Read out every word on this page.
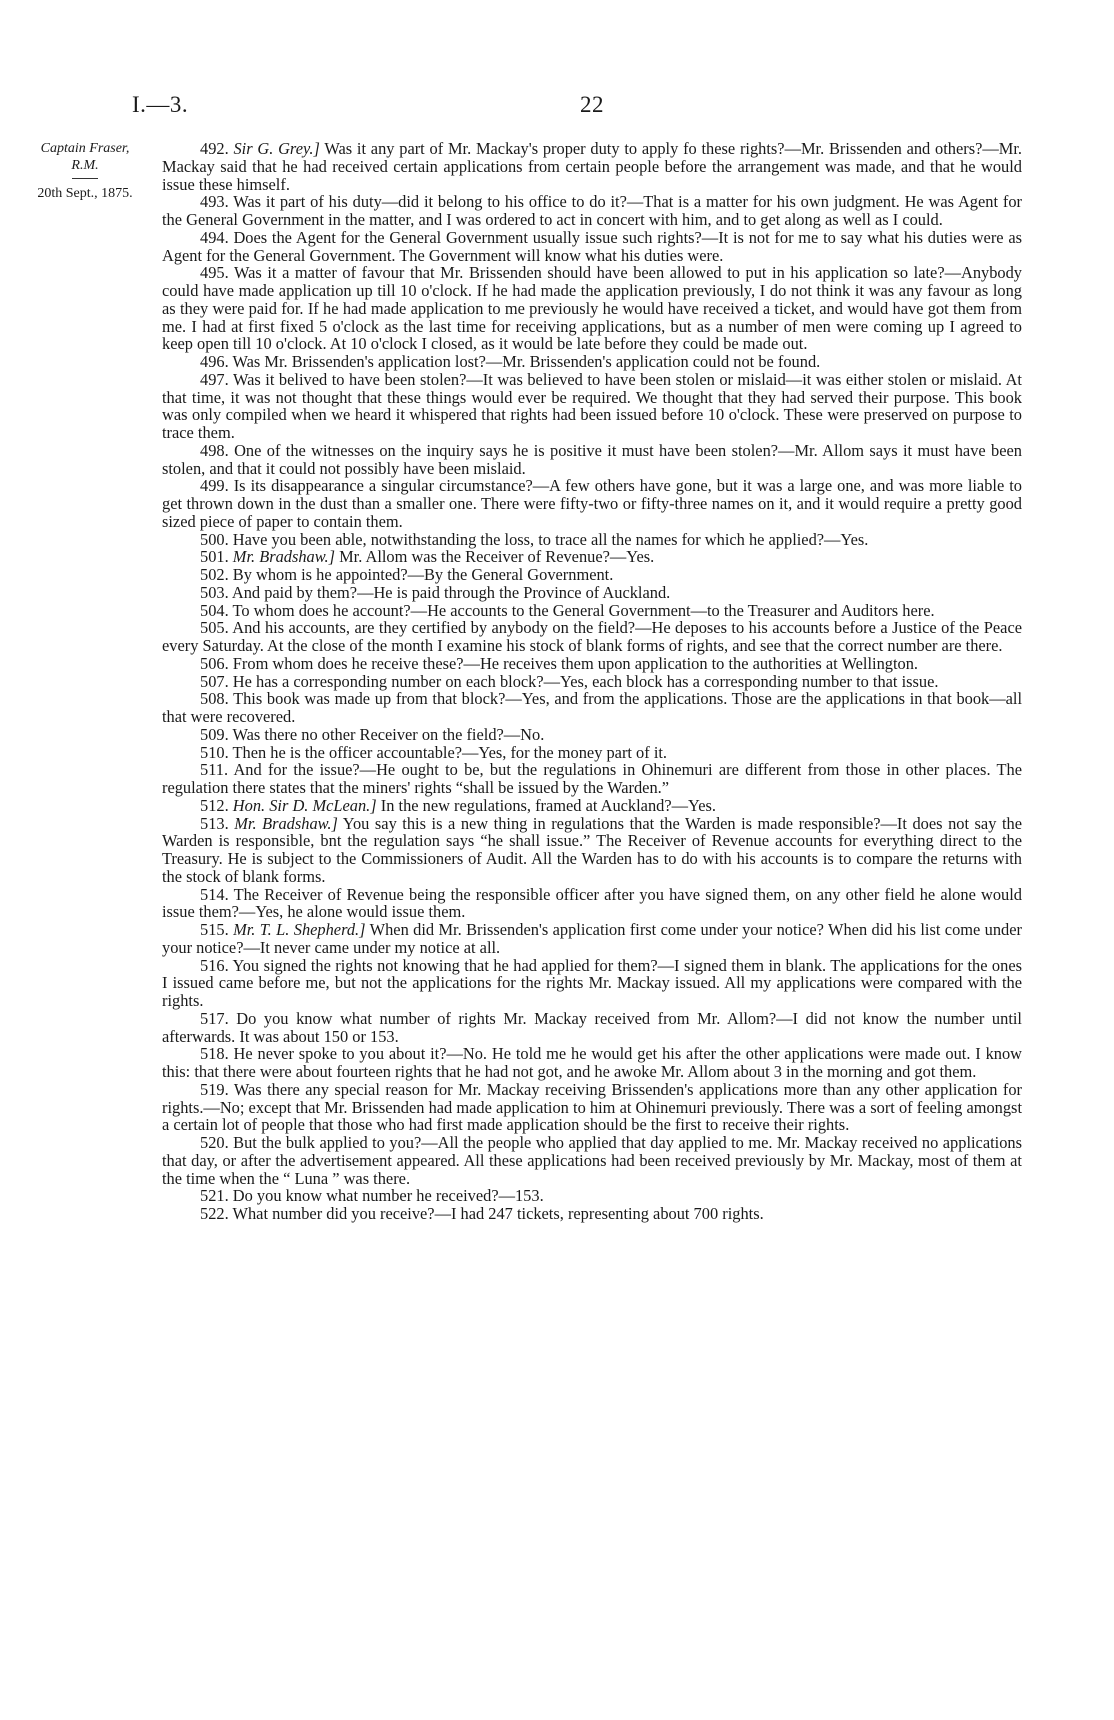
I.—3.	22
Captain Fraser,
R.M.
20th Sept., 1875.

492. Sir G. Grey.] Was it any part of Mr. Mackay's proper duty to apply fo these rights?—Mr. Brissenden and others?—Mr. Mackay said that he had received certain applications from certain people before the arrangement was made, and that he would issue these himself.

493. Was it part of his duty—did it belong to his office to do it?—That is a matter for his own judgment. He was Agent for the General Government in the matter, and I was ordered to act in concert with him, and to get along as well as I could.

494. Does the Agent for the General Government usually issue such rights?—It is not for me to say what his duties were as Agent for the General Government. The Government will know what his duties were.

495. Was it a matter of favour that Mr. Brissenden should have been allowed to put in his application so late?—Anybody could have made application up till 10 o'clock. If he had made the application previously, I do not think it was any favour as long as they were paid for. If he had made application to me previously he would have received a ticket, and would have got them from me. I had at first fixed 5 o'clock as the last time for receiving applications, but as a number of men were coming up I agreed to keep open till 10 o'clock. At 10 o'clock I closed, as it would be late before they could be made out.

496. Was Mr. Brissenden's application lost?—Mr. Brissenden's application could not be found.

497. Was it belived to have been stolen?—It was believed to have been stolen or mislaid—it was either stolen or mislaid. At that time, it was not thought that these things would ever be required. We thought that they had served their purpose. This book was only compiled when we heard it whispered that rights had been issued before 10 o'clock. These were preserved on purpose to trace them.

498. One of the witnesses on the inquiry says he is positive it must have been stolen?—Mr. Allom says it must have been stolen, and that it could not possibly have been mislaid.

499. Is its disappearance a singular circumstance?—A few others have gone, but it was a large one, and was more liable to get thrown down in the dust than a smaller one. There were fifty-two or fifty-three names on it, and it would require a pretty good sized piece of paper to contain them.

500. Have you been able, notwithstanding the loss, to trace all the names for which he applied?—Yes.

501. Mr. Bradshaw.] Mr. Allom was the Receiver of Revenue?—Yes.

502. By whom is he appointed?—By the General Government.

503. And paid by them?—He is paid through the Province of Auckland.

504. To whom does he account?—He accounts to the General Government—to the Treasurer and Auditors here.

505. And his accounts, are they certified by anybody on the field?—He deposes to his accounts before a Justice of the Peace every Saturday. At the close of the month I examine his stock of blank forms of rights, and see that the correct number are there.

506. From whom does he receive these?—He receives them upon application to the authorities at Wellington.

507. He has a corresponding number on each block?—Yes, each block has a corresponding number to that issue.

508. This book was made up from that block?—Yes, and from the applications. Those are the applications in that book—all that were recovered.

509. Was there no other Receiver on the field?—No.

510. Then he is the officer accountable?—Yes, for the money part of it.

511. And for the issue?—He ought to be, but the regulations in Ohinemuri are different from those in other places. The regulation there states that the miners' rights “shall be issued by the Warden.”

512. Hon. Sir D. McLean.] In the new regulations, framed at Auckland?—Yes.

513. Mr. Bradshaw.] You say this is a new thing in regulations that the Warden is made responsible?—It does not say the Warden is responsible, bnt the regulation says “he shall issue.” The Receiver of Revenue accounts for everything direct to the Treasury. He is subject to the Commissioners of Audit. All the Warden has to do with his accounts is to compare the returns with the stock of blank forms.

514. The Receiver of Revenue being the responsible officer after you have signed them, on any other field he alone would issue them?—Yes, he alone would issue them.

515. Mr. T. L. Shepherd.] When did Mr. Brissenden's application first come under your notice? When did his list come under your notice?—It never came under my notice at all.

516. You signed the rights not knowing that he had applied for them?—I signed them in blank. The applications for the ones I issued came before me, but not the applications for the rights Mr. Mackay issued. All my applications were compared with the rights.

517. Do you know what number of rights Mr. Mackay received from Mr. Allom?—I did not know the number until afterwards. It was about 150 or 153.

518. He never spoke to you about it?—No. He told me he would get his after the other applications were made out. I know this: that there were about fourteen rights that he had not got, and he awoke Mr. Allom about 3 in the morning and got them.

519. Was there any special reason for Mr. Mackay receiving Brissenden's applications more than any other application for rights.—No; except that Mr. Brissenden had made application to him at Ohinemuri previously. There was a sort of feeling amongst a certain lot of people that those who had first made application should be the first to receive their rights.

520. But the bulk applied to you?—All the people who applied that day applied to me. Mr. Mackay received no applications that day, or after the advertisement appeared. All these applications had been received previously by Mr. Mackay, most of them at the time when the “ Luna ” was there.

521. Do you know what number he received?—153.

522. What number did you receive?—I had 247 tickets, representing about 700 rights.
